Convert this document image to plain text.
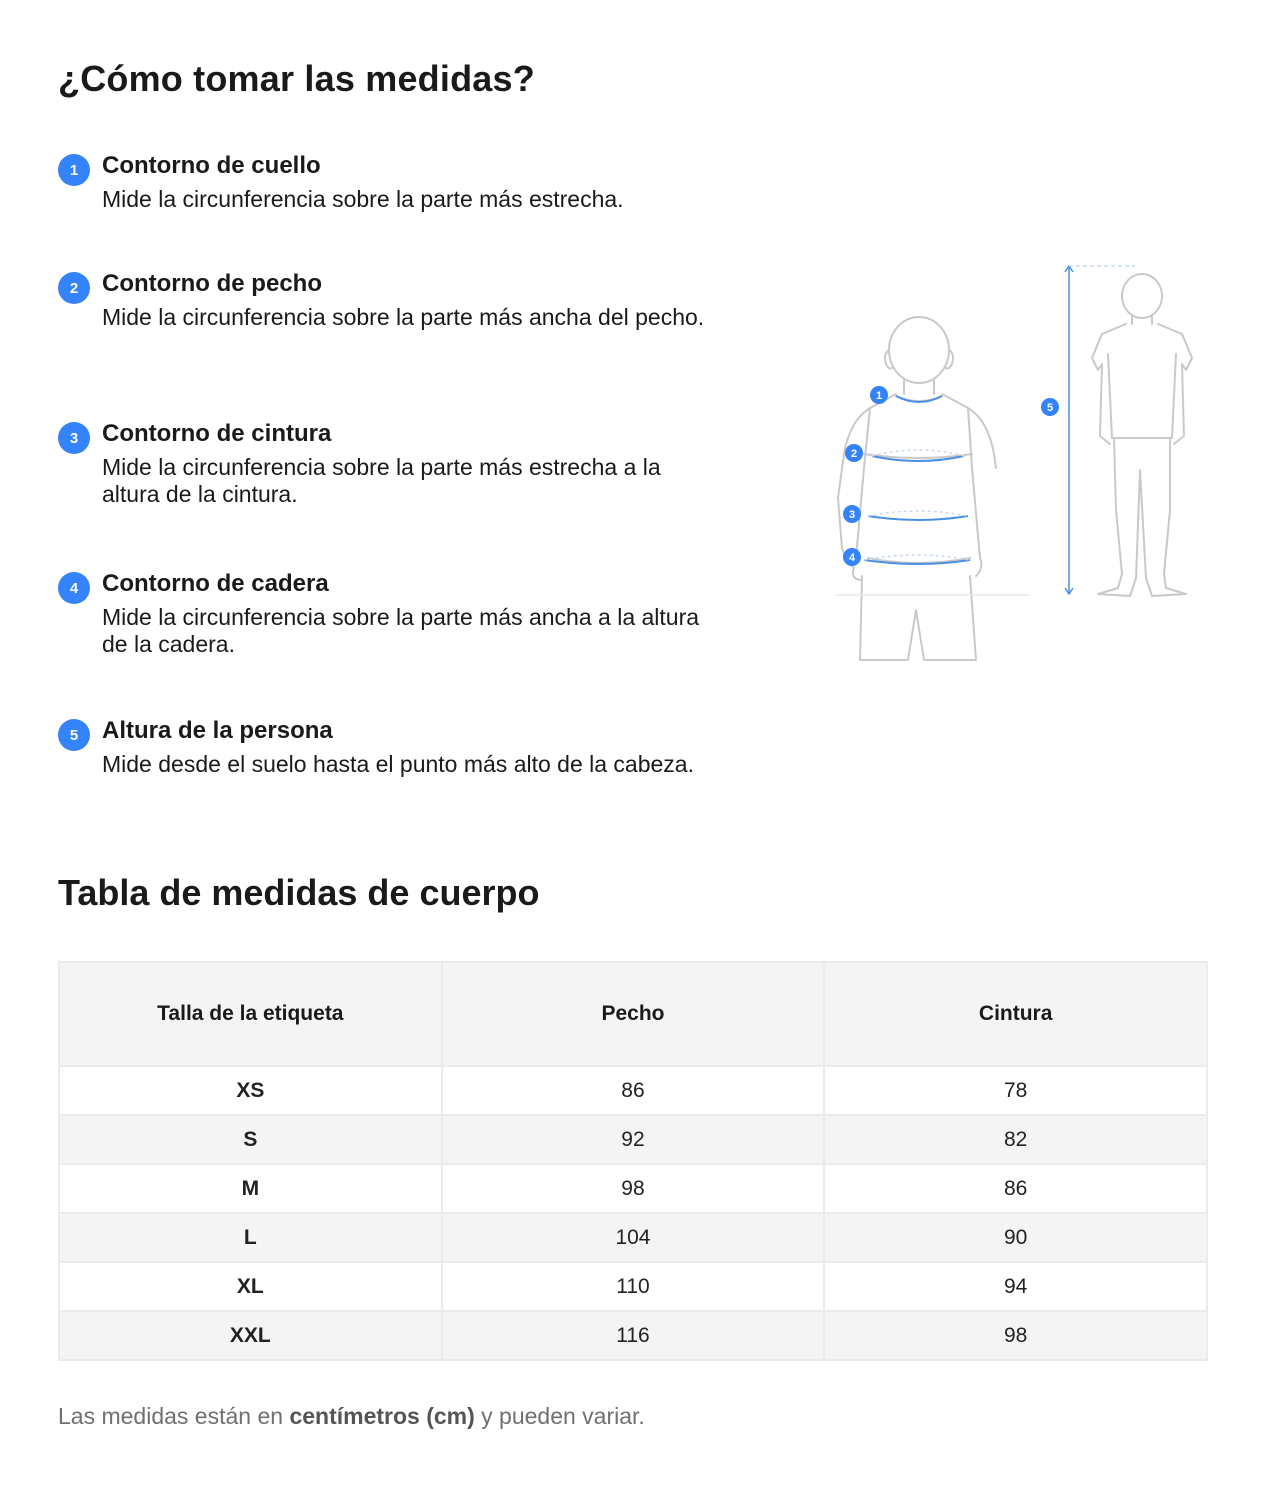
¿Cómo tomar las medidas?
1 Contorno de cuello
Mide la circunferencia sobre la parte más estrecha.
2 Contorno de pecho
Mide la circunferencia sobre la parte más ancha del pecho.
3 Contorno de cintura
Mide la circunferencia sobre la parte más estrecha a la altura de la cintura.
4 Contorno de cadera
Mide la circunferencia sobre la parte más ancha a la altura de la cadera.
5 Altura de la persona
Mide desde el suelo hasta el punto más alto de la cabeza.
1
2
3
4
5
Tabla de medidas de cuerpo
Talla de la etiqueta	Pecho	Cintura
XS	86	78
S	92	82
M	98	86
L	104	90
XL	110	94
XXL	116	98
Las medidas están en centímetros (cm) y pueden variar.
